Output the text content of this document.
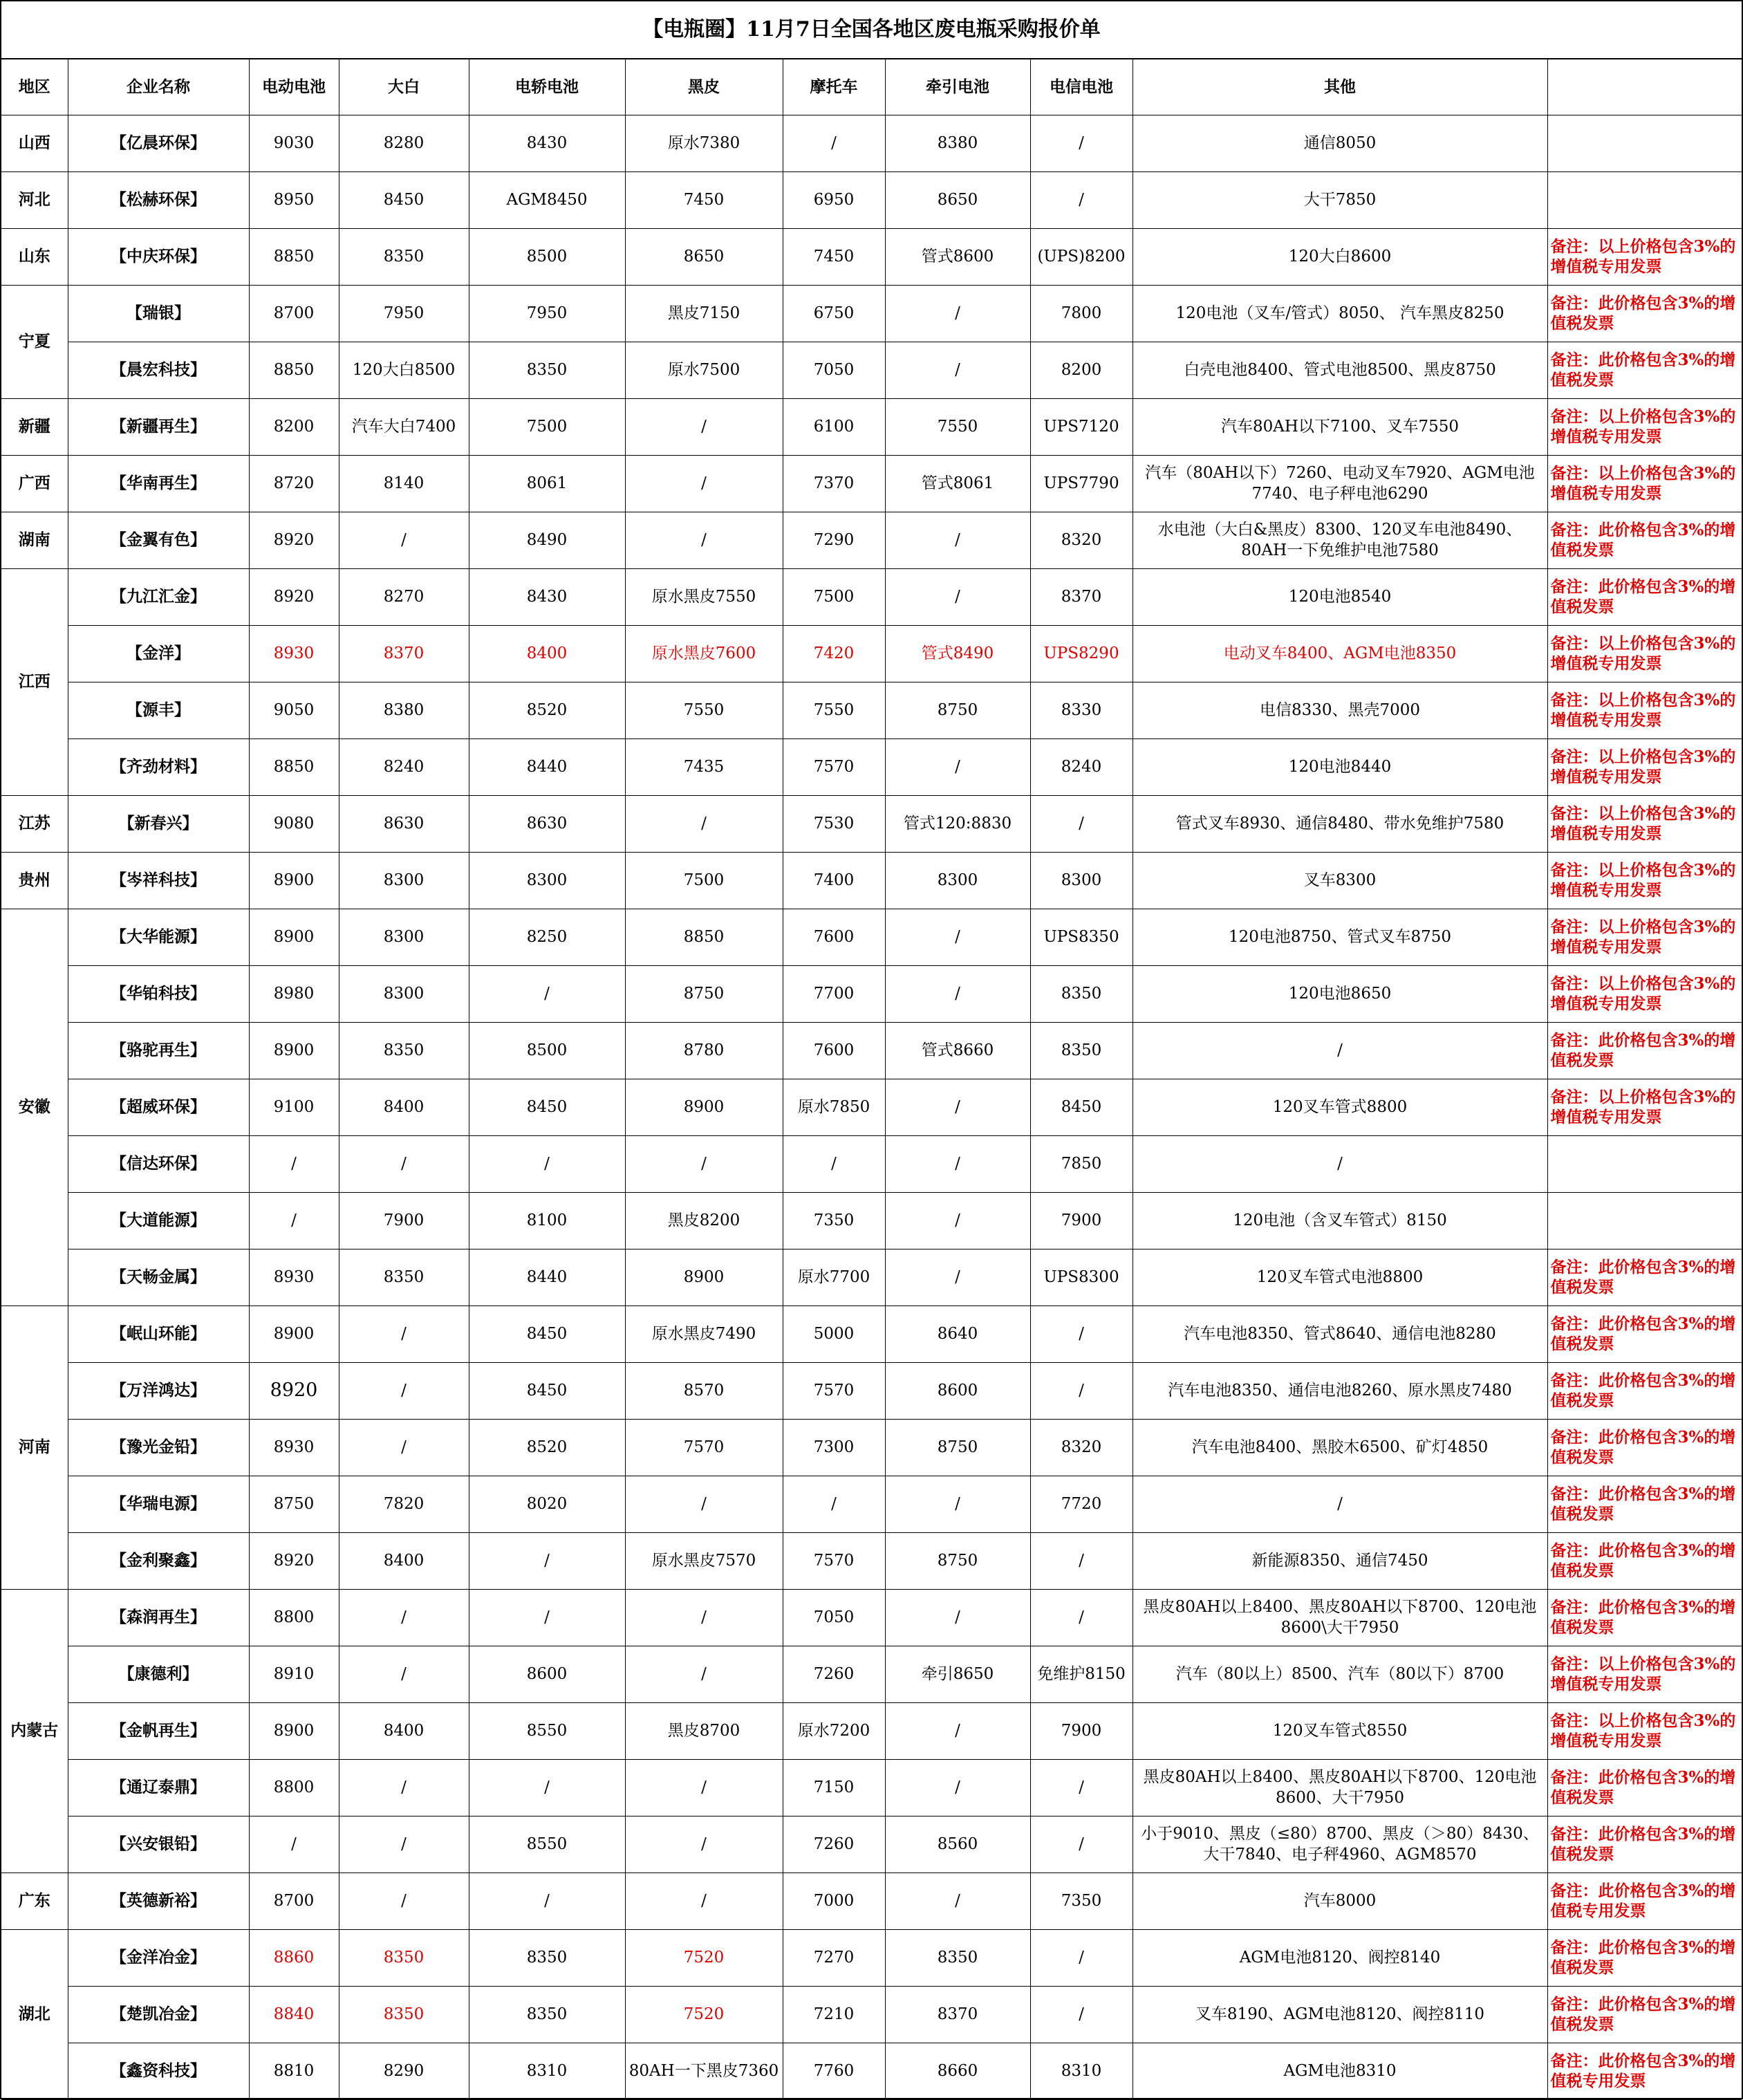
【电瓶圈】11月7日全国各地区废电瓶采购报价单
地区	企业名称	电动电池	大白	电轿电池	黑皮	摩托车	牵引电池	电信电池	其他	
山西	【亿晨环保】	9030	8280	8430	原水7380	/	8380	/	通信8050	
河北	【松赫环保】	8950	8450	AGM8450	7450	6950	8650	/	大干7850	
山东	【中庆环保】	8850	8350	8500	8650	7450	管式8600	(UPS)8200	120大白8600	备注：以上价格包含3%的增值税专用发票
宁夏	【瑞银】	8700	7950	7950	黑皮7150	6750	/	7800	120电池（叉车/管式）8050、 汽车黑皮8250	备注：此价格包含3%的增值税发票
	【晨宏科技】	8850	120大白8500	8350	原水7500	7050	/	8200	白壳电池8400、管式电池8500、黑皮8750	备注：此价格包含3%的增值税发票
新疆	【新疆再生】	8200	汽车大白7400	7500	/	6100	7550	UPS7120	汽车80AH以下7100、叉车7550	备注：以上价格包含3%的增值税专用发票
广西	【华南再生】	8720	8140	8061	/	7370	管式8061	UPS7790	汽车（80AH以下）7260、电动叉车7920、AGM电池7740、电子秤电池6290	备注：以上价格包含3%的增值税专用发票
湖南	【金翼有色】	8920	/	8490	/	7290	/	8320	水电池（大白&黑皮）8300、120叉车电池8490、80AH一下免维护电池7580	备注：此价格包含3%的增值税发票
江西	【九江汇金】	8920	8270	8430	原水黑皮7550	7500	/	8370	120电池8540	备注：此价格包含3%的增值税发票
	【金洋】	8930	8370	8400	原水黑皮7600	7420	管式8490	UPS8290	电动叉车8400、AGM电池8350	备注：以上价格包含3%的增值税专用发票
	【源丰】	9050	8380	8520	7550	7550	8750	8330	电信8330、黑壳7000	备注：以上价格包含3%的增值税专用发票
	【齐劲材料】	8850	8240	8440	7435	7570	/	8240	120电池8440	备注：以上价格包含3%的增值税专用发票
江苏	【新春兴】	9080	8630	8630	/	7530	管式120:8830	/	管式叉车8930、通信8480、带水免维护7580	备注：以上价格包含3%的增值税专用发票
贵州	【岑祥科技】	8900	8300	8300	7500	7400	8300	8300	叉车8300	备注：以上价格包含3%的增值税专用发票
安徽	【大华能源】	8900	8300	8250	8850	7600	/	UPS8350	120电池8750、管式叉车8750	备注：以上价格包含3%的增值税专用发票
	【华铂科技】	8980	8300	/	8750	7700	/	8350	120电池8650	备注：以上价格包含3%的增值税专用发票
	【骆驼再生】	8900	8350	8500	8780	7600	管式8660	8350	/	备注：此价格包含3%的增值税发票
	【超威环保】	9100	8400	8450	8900	原水7850	/	8450	120叉车管式8800	备注：以上价格包含3%的增值税专用发票
	【信达环保】	/	/	/	/	/	/	7850	/	
	【大道能源】	/	7900	8100	黑皮8200	7350	/	7900	120电池（含叉车管式）8150	
	【天畅金属】	8930	8350	8440	8900	原水7700	/	UPS8300	120叉车管式电池8800	备注：此价格包含3%的增值税发票
河南	【岷山环能】	8900	/	8450	原水黑皮7490	5000	8640	/	汽车电池8350、管式8640、通信电池8280	备注：此价格包含3%的增值税发票
	【万洋鸿达】	8920	/	8450	8570	7570	8600	/	汽车电池8350、通信电池8260、原水黑皮7480	备注：此价格包含3%的增值税发票
	【豫光金铅】	8930	/	8520	7570	7300	8750	8320	汽车电池8400、黑胶木6500、矿灯4850	备注：此价格包含3%的增值税发票
	【华瑞电源】	8750	7820	8020	/	/	/	7720	/	备注：此价格包含3%的增值税发票
	【金利聚鑫】	8920	8400	/	原水黑皮7570	7570	8750	/	新能源8350、通信7450	备注：此价格包含3%的增值税发票
内蒙古	【森润再生】	8800	/	/	/	7050	/	/	黑皮80AH以上8400、黑皮80AH以下8700、120电池8600\大干7950	备注：此价格包含3%的增值税发票
	【康德利】	8910	/	8600	/	7260	牵引8650	免维护8150	汽车（80以上）8500、汽车（80以下）8700	备注：以上价格包含3%的增值税专用发票
	【金帆再生】	8900	8400	8550	黑皮8700	原水7200	/	7900	120叉车管式8550	备注：以上价格包含3%的增值税专用发票
	【通辽泰鼎】	8800	/	/	/	7150	/	/	黑皮80AH以上8400、黑皮80AH以下8700、120电池8600、大干7950	备注：此价格包含3%的增值税发票
	【兴安银铅】	/	/	8550	/	7260	8560	/	小于9010、黑皮（≤80）8700、黑皮（＞80）8430、大干7840、电子秤4960、AGM8570	备注：此价格包含3%的增值税发票
广东	【英德新裕】	8700	/	/	/	7000	/	7350	汽车8000	备注：此价格包含3%的增值税专用发票
湖北	【金洋冶金】	8860	8350	8350	7520	7270	8350	/	AGM电池8120、阀控8140	备注：此价格包含3%的增值税发票
	【楚凯冶金】	8840	8350	8350	7520	7210	8370	/	叉车8190、AGM电池8120、阀控8110	备注：此价格包含3%的增值税发票
	【鑫资科技】	8810	8290	8310	80AH一下黑皮7360	7760	8660	8310	AGM电池8310	备注：此价格包含3%的增值税专用发票
